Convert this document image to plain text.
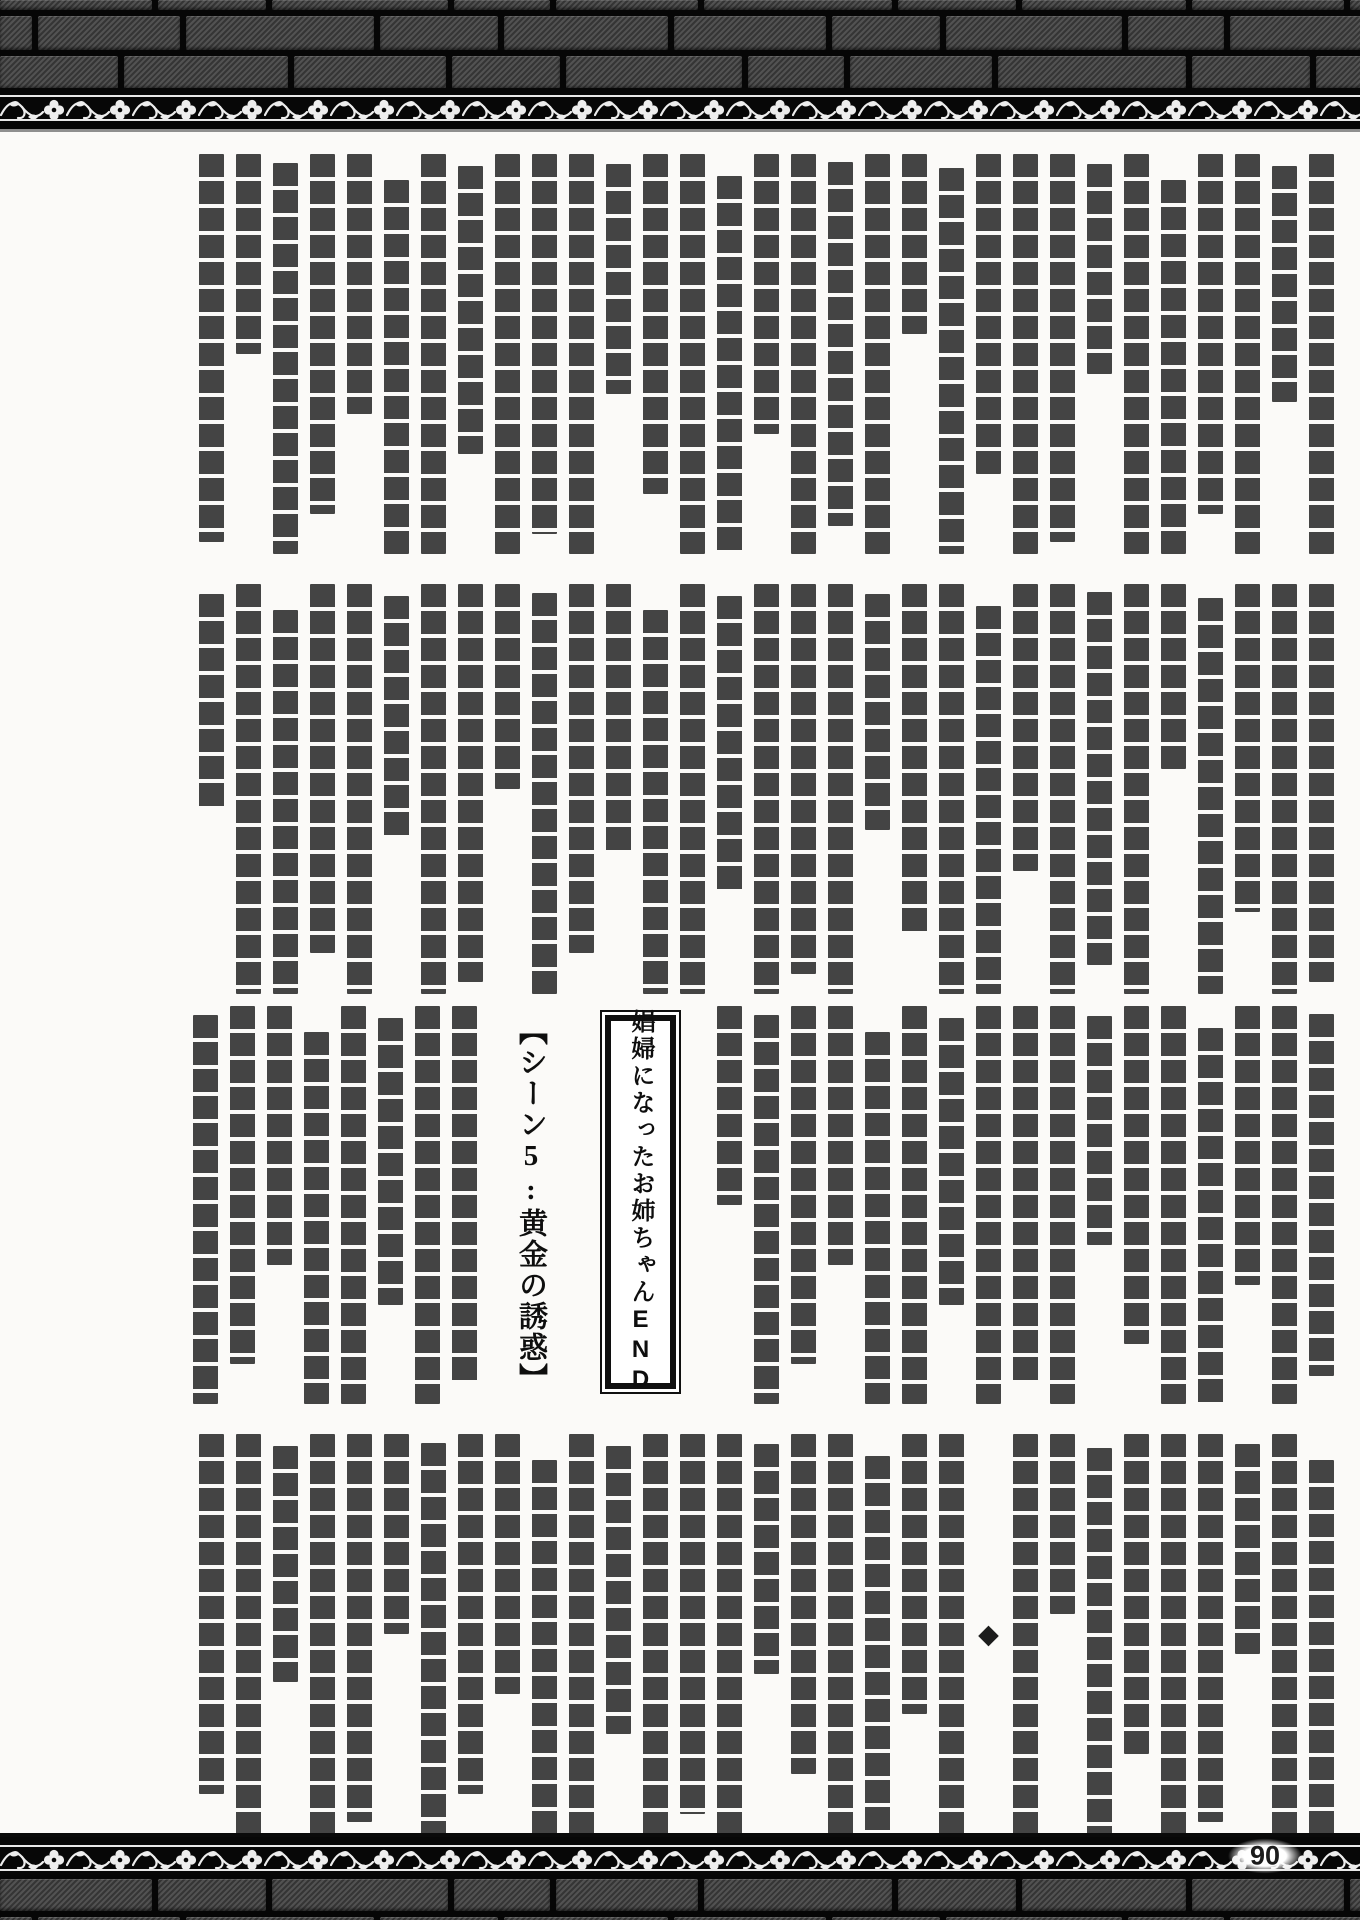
娼婦になったお姉ちゃんEND
【シーン5:黄金の誘惑】
◆
90
